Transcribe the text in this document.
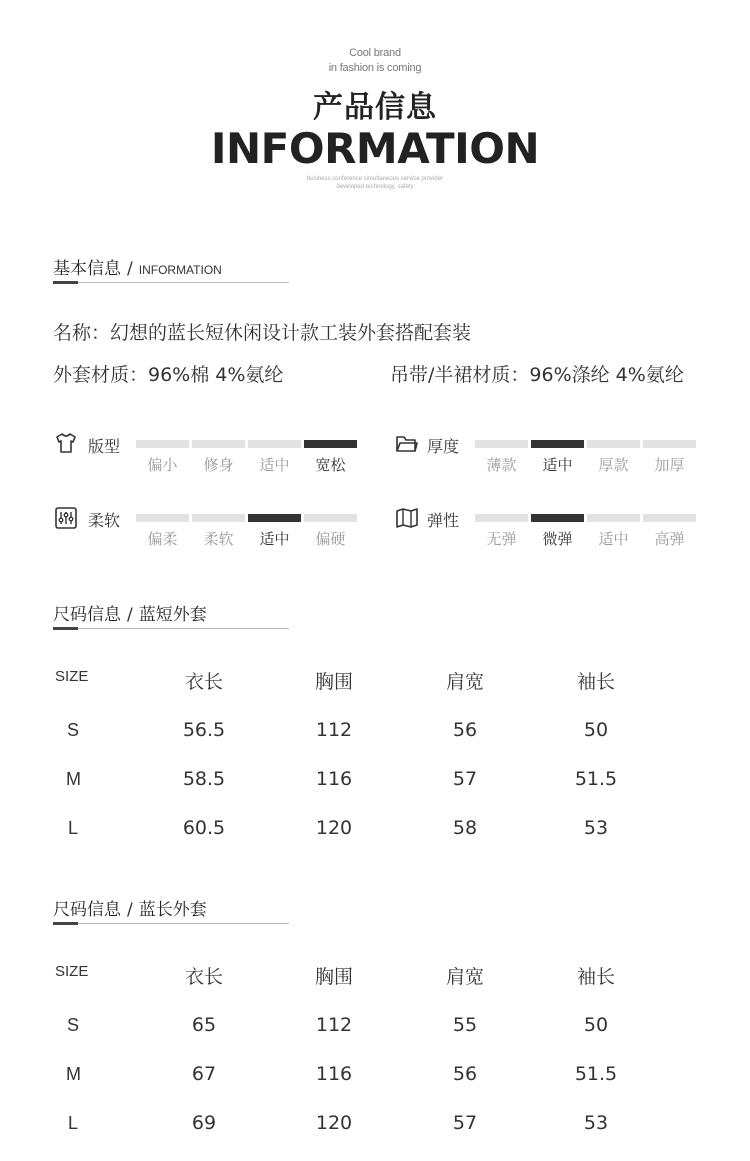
Cool brand
in fashion is coming
产品信息
INFORMATION
business conference simultaneous service provider
developed technology, safety
基本信息 / INFORMATION
名称：幻想的蓝长短休闲设计款工装外套搭配套装
外套材质：96%棉 4%氨纶	吊带/半裙材质：96%涤纶 4%氨纶
版型
偏小	修身	适中	宽松
厚度
薄款	适中	厚款	加厚
柔软
偏柔	柔软	适中	偏硬
弹性
无弹	微弹	适中	高弹
尺码信息 / 蓝短外套
SIZE	衣长	胸围	肩宽	袖长
S	56.5	112	56	50
M	58.5	116	57	51.5
L	60.5	120	58	53
尺码信息 / 蓝长外套
SIZE	衣长	胸围	肩宽	袖长
S	65	112	55	50
M	67	116	56	51.5
L	69	120	57	53
